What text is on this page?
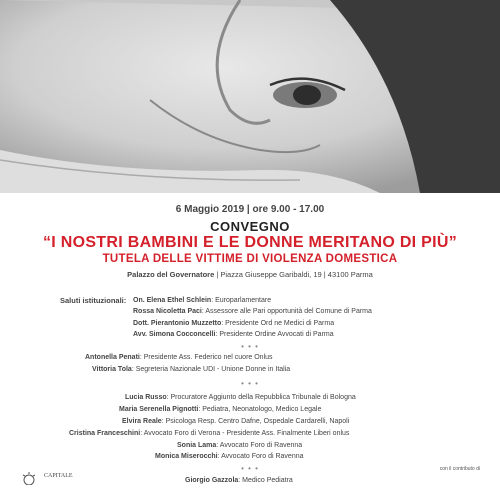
6 Maggio 2019 | ore 9.00 - 17.00
CONVEGNO
“I NOSTRI BAMBINI E LE DONNE MERITANO DI PIÙ”
TUTELA DELLE VITTIME DI VIOLENZA DOMESTICA
Palazzo del Governatore | Piazza Giuseppe Garibaldi, 19 | 43100 Parma
Saluti istituzionali: On. Elena Ethel Schlein: Europarlamentare
Rossa Nicoletta Paci: Assessore alle Pari opportunità del Comune di Parma
Dott. Pierantonio Muzzetto: Presidente Ord ne Medici di Parma
Avv. Simona Cocconcelli: Presidente Ordine Avvocati di Parma
• • •
Antonella Penati: Presidente Ass. Federico nel cuore Onlus
Vittoria Tola: Segreteria Nazionale UDI - Unione Donne in Italia
• • •
Lucia Russo: Procuratore Aggiunto della Repubblica Tribunale di Bologna
Maria Serenella Pignotti: Pediatra, Neonatologo, Medico Legale
Elvira Reale: Psicologa Resp. Centro Dafne, Ospedale Cardarelli, Napoli
Cristina Franceschini: Avvocato Foro di Verona - Presidente Ass. Finalmente Liberi onlus
Sonia Lama: Avvocato Foro di Ravenna
Monica Miserocchi: Avvocato Foro di Ravenna
• • •
Giorgio Gazzola: Medico Pediatra
CAPITALE
con il contributo di
